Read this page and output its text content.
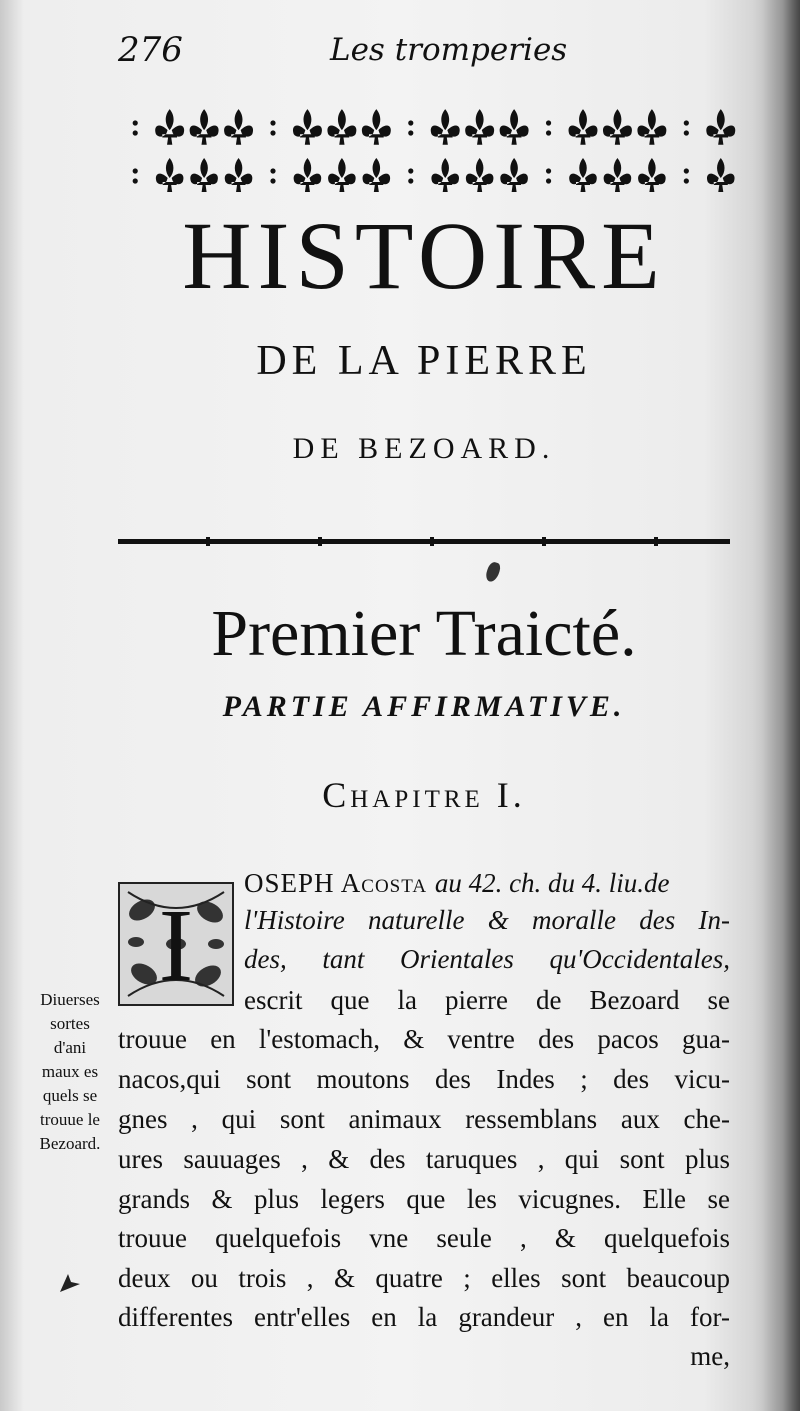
276	Les tromperies
HISTOIRE
DE LA PIERRE
DE BEZOARD.
Premier Traicté.
PARTIE AFFIRMATIVE.
Chapitre I.
I
OSEPH Acosta au 42. ch. du 4. liu.de
l'Histoire naturelle & moralle des In-
des, tant Orientales qu'Occidentales,
escrit que la pierre de Bezoard se
trouue en l'estomach, & ventre des pacos gua-
nacos,qui sont moutons des Indes ; des vicu-
gnes , qui sont animaux ressemblans aux che-
ures sauuages , & des taruques , qui sont plus
grands & plus legers que les vicugnes. Elle se
trouue quelquefois vne seule , & quelquefois
deux ou trois , & quatre ; elles sont beaucoup
differentes entr'elles en la grandeur , en la for-
me,
Diuerses
sortes
d'ani
maux es
quels se
trouue le
Bezoard.
